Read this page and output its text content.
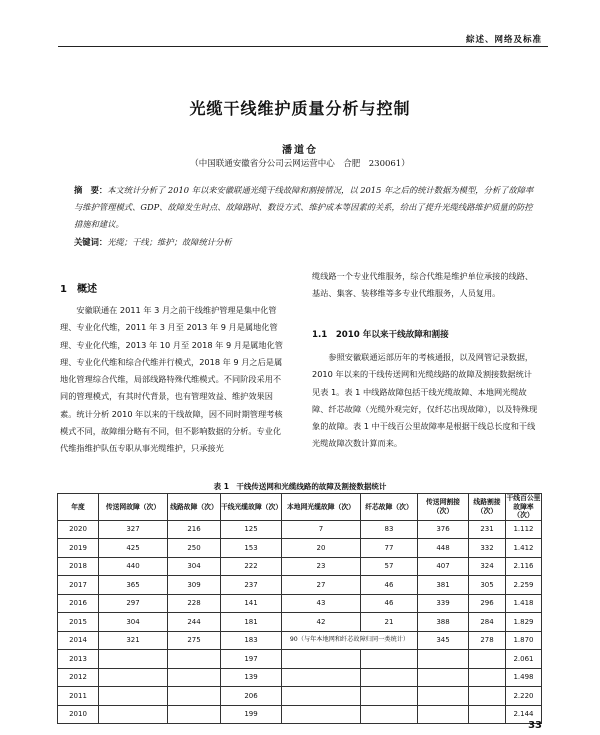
綜述、网络及标准
光缆干线维护质量分析与控制
潘道仓
（中国联通安徽省分公司云网运营中心　合肥　230061）
摘　要：本文统计分析了 2010 年以来安徽联通光缆干线故障和割接情况，以 2015 年之后的统计数据为模型，分析了故障率与维护管理模式、GDP、故障发生时点、故障路时、数设方式、维护成本等因素的关系，给出了提升光缆线路维护质量的防控措施和建议。
关键词：光缆；干线；维护；故障统计分析
1　概述
安徽联通在 2011 年 3 月之前干线维护管理是集中化管理、专业化代维，2011 年 3 月至 2013 年 9 月是属地化管理、专业化代维，2013 年 10 月至 2018 年 9 月是属地化管理、专业化代维和综合代维并行模式，2018 年 9 月之后是属地化管理综合代维，局部线路特殊代维模式。不同阶段采用不同的管理模式，有其时代背景，也有管理效益、维护效果因素。统计分析 2010 年以来的干线故障，因不同时期管理考核模式不同，故障细分略有不同，但不影响数据的分析。专业化代维指维护队伍专职从事光缆维护，只承接光
缆线路一个专业代维服务，综合代维是维护单位承接的线路、基站、集客、装移维等多专业代维服务，人员复用。
1.1　2010 年以来干线故障和割接
参照安徽联通运部历年的考核通报，以及网管记录数据，2010 年以来的干线传送网和光缆线路的故障及割接数据统计见表 1。表 1 中线路故障包括干线光缆故障、本地网光缆故障、纤芯故障（光缆外观完好，仅纤芯出现故障），以及特殊现象的故障。表 1 中干线百公里故障率是根据干线总长度和干线光缆故障次数计算而来。
表 1　干线传送网和光缆线路的故障及割接数据统计
年度	传送网故障（次）	线路故障（次）	干线光缆故障（次）	本地网光缆故障（次）	纤芯故障（次）	传送网割接（次）	线路割接（次）	干线百公里故障率（次）
2020	327	216	125	7	83	376	231	1.112
2019	425	250	153	20	77	448	332	1.412
2018	440	304	222	23	57	407	324	2.116
2017	365	309	237	27	46	381	305	2.259
2016	297	228	141	43	46	339	296	1.418
2015	304	244	181	42	21	388	284	1.829
2014	321	275	183	90（与年本地网和纤芯故障归同一类统计）		345	278	1.870
2013			197					2.061
2012			139					1.498
2011			206					2.220
2010			199					2.144
33
